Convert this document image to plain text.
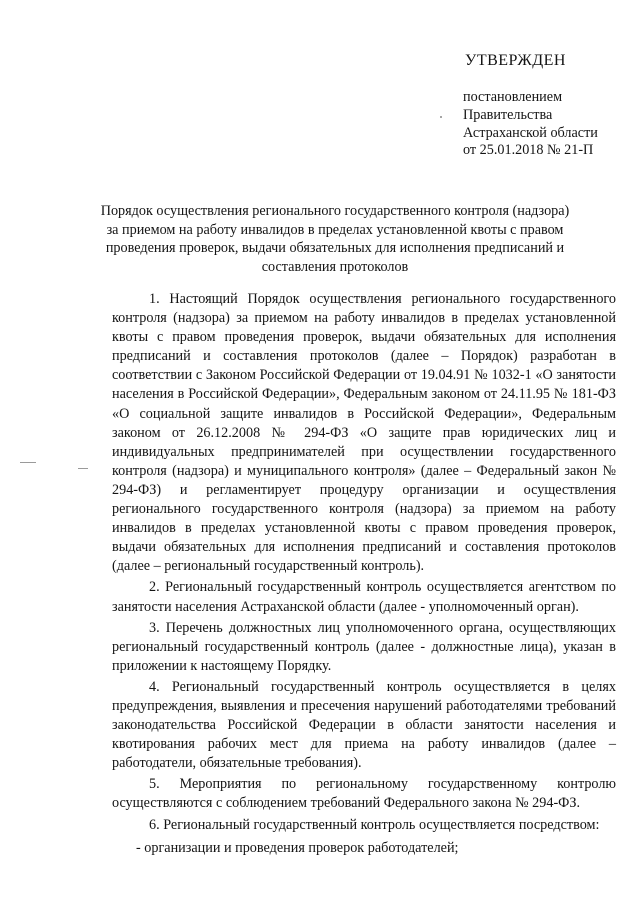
УТВЕРЖДЕН
постановлением
Правительства
Астраханской области
от 25.01.2018 № 21-П
Порядок осуществления регионального государственного контроля (надзора) за приемом на работу инвалидов в пределах установленной квоты с правом проведения проверок, выдачи обязательных для исполнения предписаний и составления протоколов

1. Настоящий Порядок осуществления регионального государственного контроля (надзора) за приемом на работу инвалидов в пределах установленной квоты с правом проведения проверок, выдачи обязательных для исполнения предписаний и составления протоколов (далее – Порядок) разработан в соответствии с Законом Российской Федерации от 19.04.91 № 1032-1 «О занятости населения в Российской Федерации», Федеральным законом от 24.11.95 № 181-ФЗ «О социальной защите инвалидов в Российской Федерации», Федеральным законом от 26.12.2008 № 294-ФЗ «О защите прав юридических лиц и индивидуальных предпринимателей при осуществлении государственного контроля (надзора) и муниципального контроля» (далее – Федеральный закон № 294-ФЗ) и регламентирует процедуру организации и осуществления регионального государственного контроля (надзора) за приемом на работу инвалидов в пределах установленной квоты с правом проведения проверок, выдачи обязательных для исполнения предписаний и составления протоколов (далее – региональный государственный контроль).

2. Региональный государственный контроль осуществляется агентством по занятости населения Астраханской области (далее - уполномоченный орган).

3. Перечень должностных лиц уполномоченного органа, осуществляющих региональный государственный контроль (далее - должностные лица), указан в приложении к настоящему Порядку.

4. Региональный государственный контроль осуществляется в целях предупреждения, выявления и пресечения нарушений работодателями требований законодательства Российской Федерации в области занятости населения и квотирования рабочих мест для приема на работу инвалидов (далее – работодатели, обязательные требования).

5. Мероприятия по региональному государственному контролю осуществляются с соблюдением требований Федерального закона № 294-ФЗ.

6. Региональный государственный контроль осуществляется посредством:

- организации и проведения проверок работодателей;
